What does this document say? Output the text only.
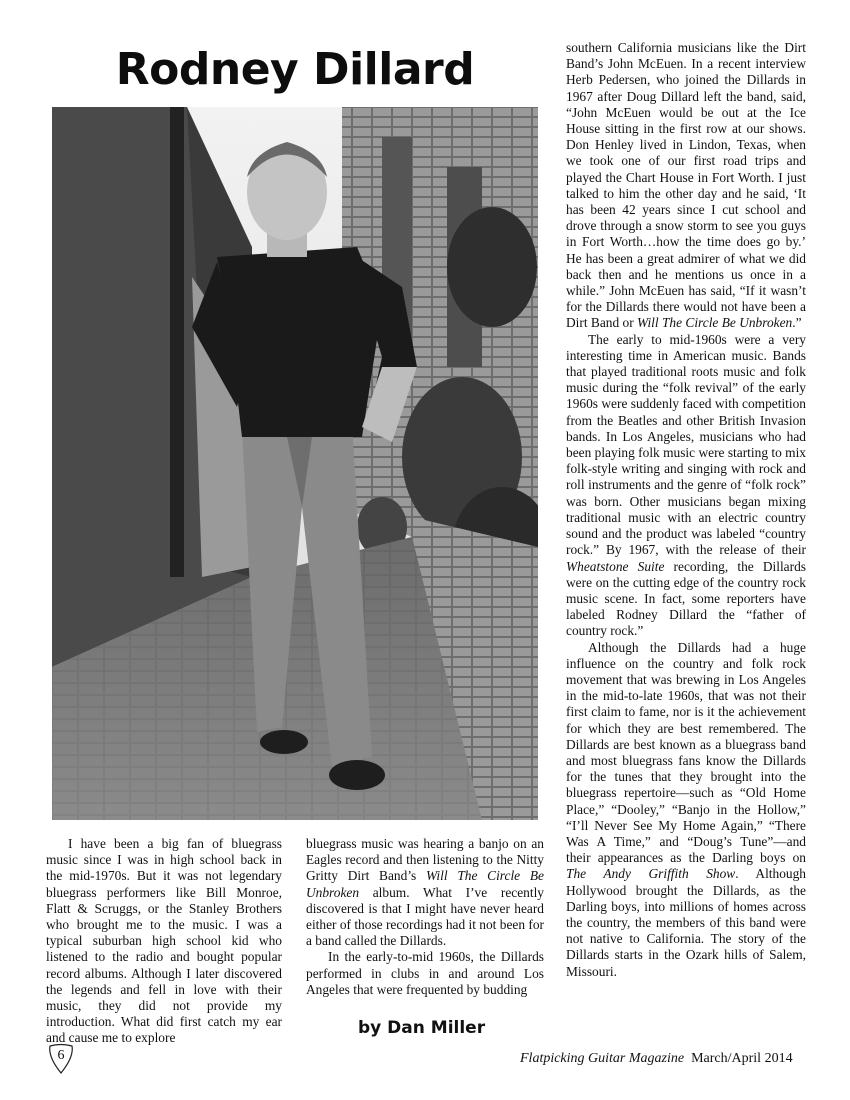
Rodney Dillard	southern California musicians like the Dirt Band’s John McEuen. In a recent interview Herb Pedersen, who joined the Dillards in 1967 after Doug Dillard left the band, said, “John McEuen would be out at the Ice House sitting in the first row at our shows. Don Henley lived in Lindon, Texas, when we took one of our first road trips and played the Chart House in Fort Worth. I just talked to him the other day and he said, ‘It has been 42 years since I cut school and drove through a snow storm to see you guys in Fort Worth…how the time does go by.’ He has been a great admirer of what we did back then and he mentions us once in a while.” John McEuen has said, “If it wasn’t for the Dillards there would not have been a Dirt Band or Will The Circle Be Unbroken.”

The early to mid-1960s were a very interesting time in American music. Bands that played traditional roots music and folk music during the “folk revival” of the early 1960s were suddenly faced with competition from the Beatles and other British Invasion bands. In Los Angeles, musicians who had been playing folk music were starting to mix folk-style writing and singing with rock and roll instruments and the genre of “folk rock” was born. Other musicians began mixing traditional music with an electric country sound and the product was labeled “country rock.” By 1967, with the release of their Wheatstone Suite recording, the Dillards were on the cutting edge of the country rock music scene. In fact, some reporters have labeled Rodney Dillard the “father of country rock.”

Although the Dillards had a huge influence on the country and folk rock movement that was brewing in Los Angeles in the mid-to-late 1960s, that was not their first claim to fame, nor is it the achievement for which they are best remembered. The Dillards are best known as a bluegrass band and most bluegrass fans know the Dillards for the tunes that they brought into the bluegrass repertoire—such as “Old Home Place,” “Dooley,” “Banjo in the Hollow,” “I’ll Never See My Home Again,” “There Was A Time,” and “Doug’s Tune”—and their appearances as the Darling boys on The Andy Griffith Show. Although Hollywood brought the Dillards, as the Darling boys, into millions of homes across the country, the members of this band were not native to California. The story of the Dillards starts in the Ozark hills of Salem, Missouri.

I have been a big fan of bluegrass music since I was in high school back in the mid-1970s. But it was not legendary bluegrass performers like Bill Monroe, Flatt & Scruggs, or the Stanley Brothers who brought me to the music. I was a typical suburban high school kid who listened to the radio and bought popular record albums. Although I later discovered the legends and fell in love with their music, they did not provide my introduction. What did first catch my ear and cause me to explore

bluegrass music was hearing a banjo on an Eagles record and then listening to the Nitty Gritty Dirt Band’s Will The Circle Be Unbroken album. What I’ve recently discovered is that I might have never heard either of those recordings had it not been for a band called the Dillards.

In the early-to-mid 1960s, the Dillards performed in clubs in and around Los Angeles that were frequented by budding

by Dan Miller
6	Flatpicking Guitar Magazine March/April 2014
